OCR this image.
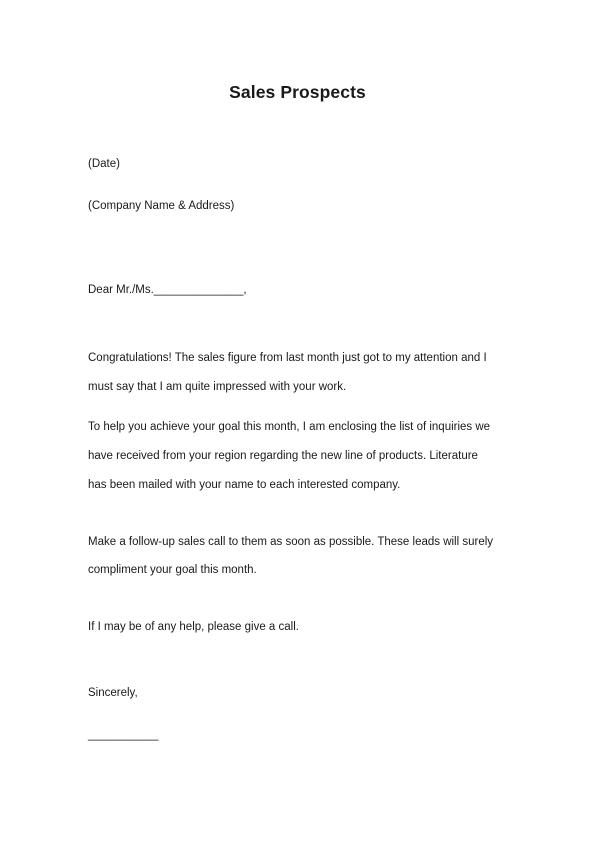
Sales Prospects
(Date)
(Company Name & Address)
Dear Mr./Ms.______________,
Congratulations! The sales figure from last month just got to my attention and I
must say that I am quite impressed with your work.
To help you achieve your goal this month, I am enclosing the list of inquiries we
have received from your region regarding the new line of products. Literature
has been mailed with your name to each interested company.
Make a follow-up sales call to them as soon as possible. These leads will surely
compliment your goal this month.
If I may be of any help, please give a call.
Sincerely,
___________
